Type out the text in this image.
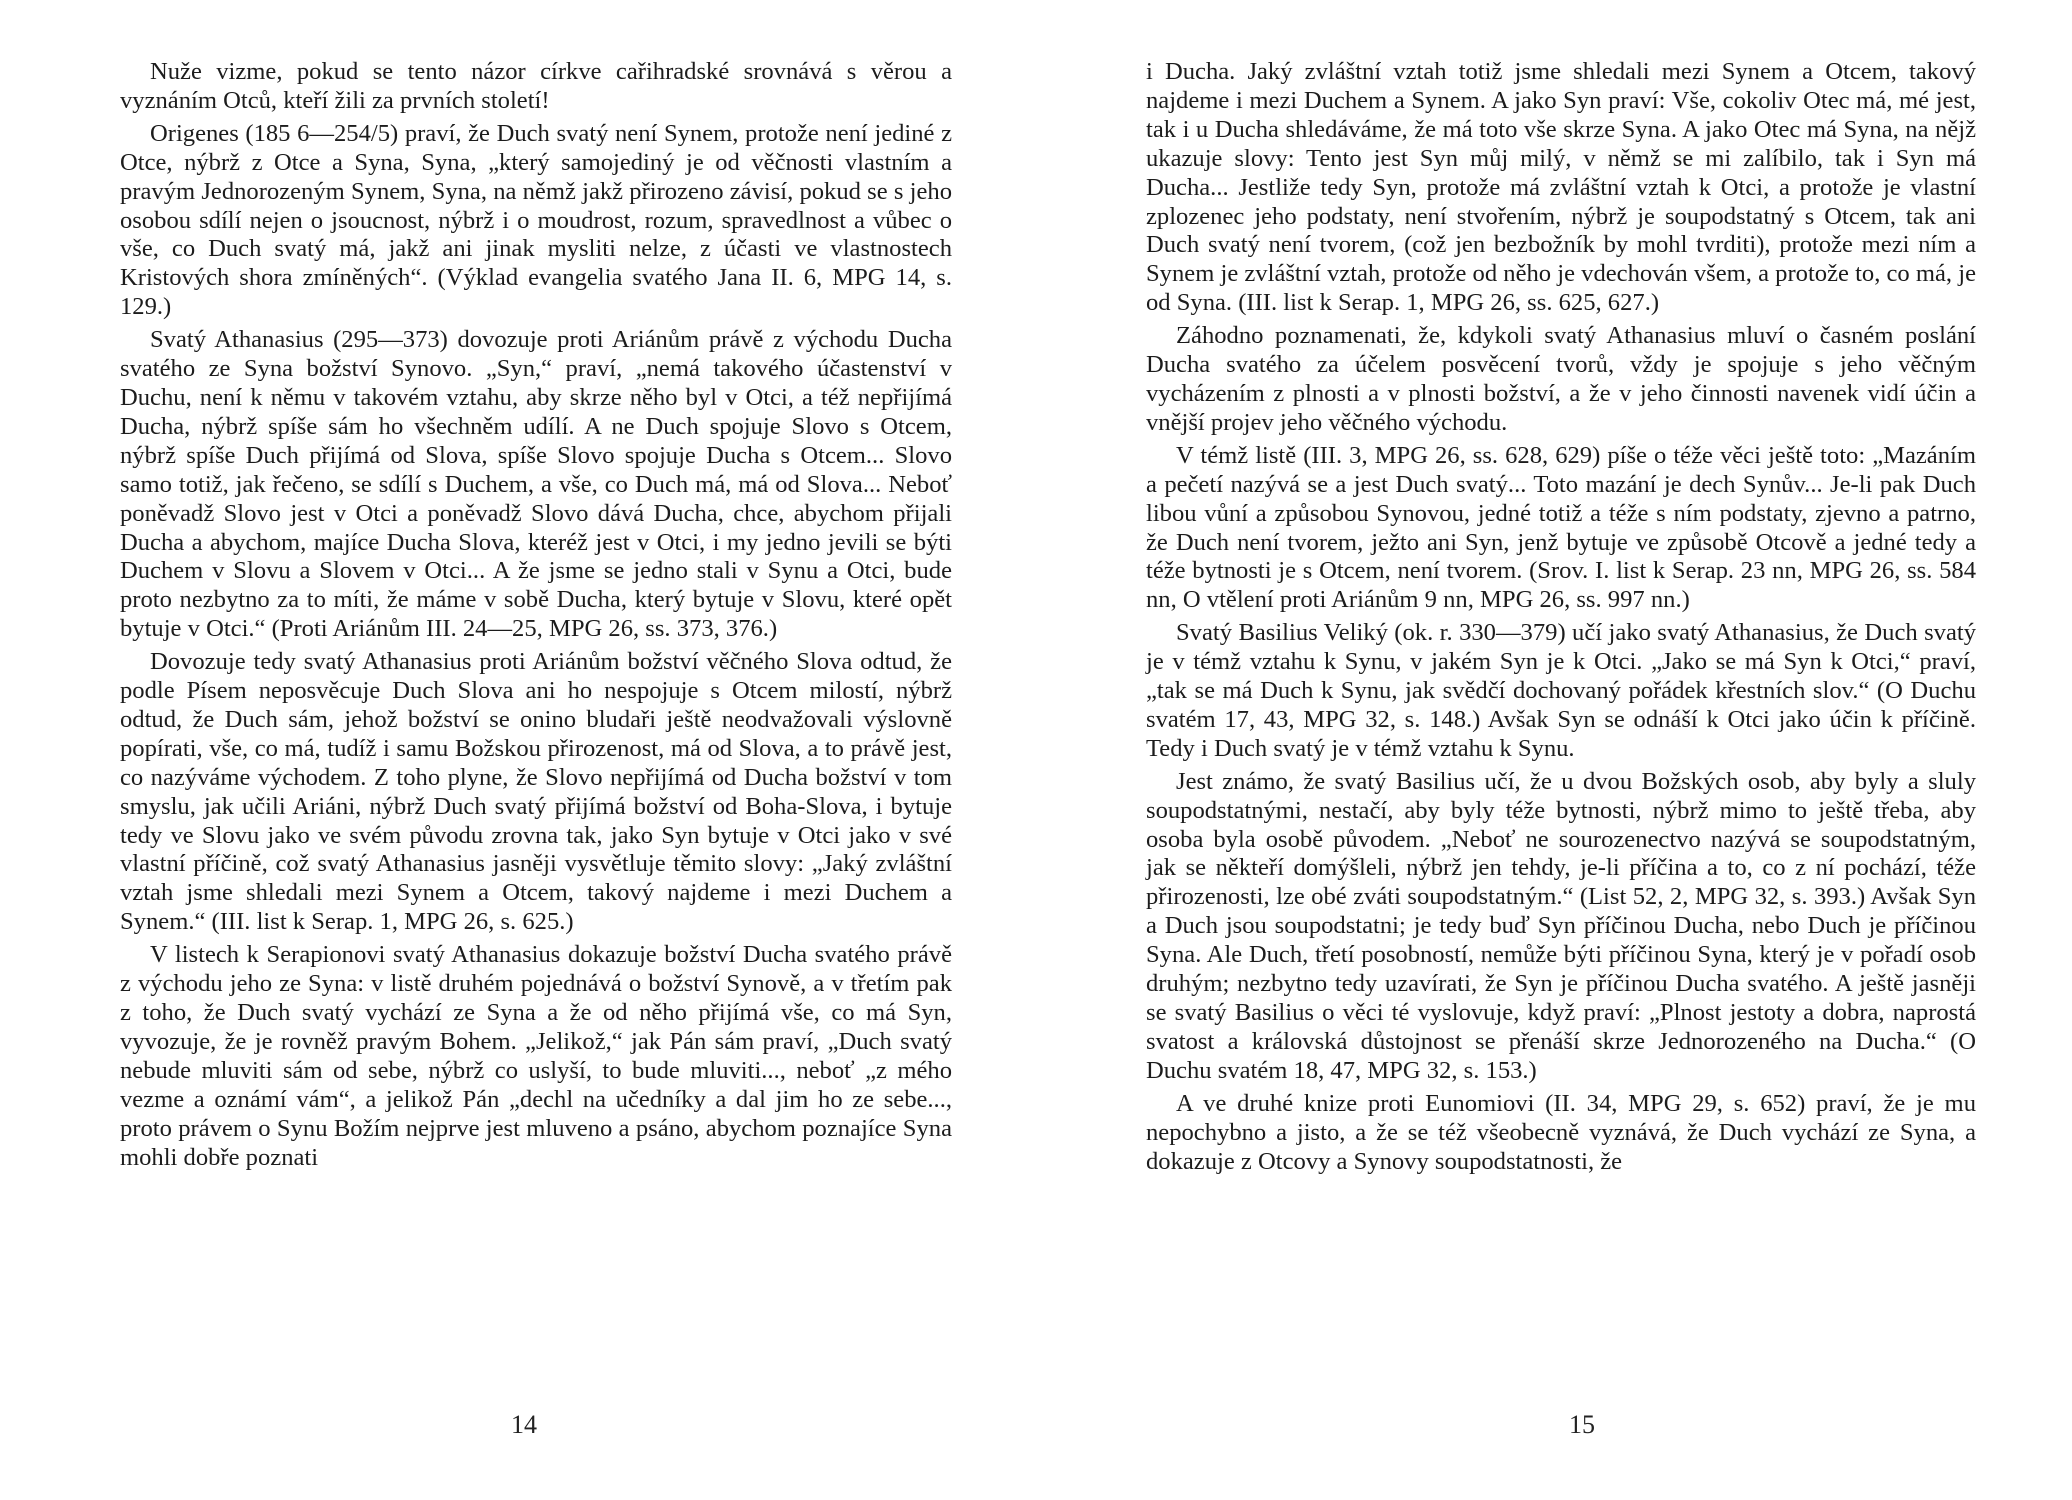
Nuže vizme, pokud se tento názor církve cařihradské srovnává s věrou a vyznáním Otců, kteří žili za prvních století!

Origenes (185 6—254/5) praví, že Duch svatý není Synem, protože není jediné z Otce, nýbrž z Otce a Syna, Syna, „který samojediný je od věčnosti vlastním a pravým Jednorozeným Synem, Syna, na němž jakž přirozeno závisí, pokud se s jeho osobou sdílí nejen o jsoucnost, nýbrž i o moudrost, rozum, spravedlnost a vůbec o vše, co Duch svatý má, jakž ani jinak mysliti nelze, z účasti ve vlastnostech Kristových shora zmíněných“. (Výklad evangelia svatého Jana II. 6, MPG 14, s. 129.)

Svatý Athanasius (295—373) dovozuje proti Ariánům právě z východu Ducha svatého ze Syna božství Synovo. „Syn,“ praví, „nemá takového účastenství v Duchu, není k němu v takovém vztahu, aby skrze něho byl v Otci, a též nepřijímá Ducha, nýbrž spíše sám ho všechněm udílí. A ne Duch spojuje Slovo s Otcem, nýbrž spíše Duch přijímá od Slova, spíše Slovo spojuje Ducha s Otcem... Slovo samo totiž, jak řečeno, se sdílí s Duchem, a vše, co Duch má, má od Slova... Neboť poněvadž Slovo jest v Otci a poněvadž Slovo dává Ducha, chce, abychom přijali Ducha a abychom, majíce Ducha Slova, kteréž jest v Otci, i my jedno jevili se býti Duchem v Slovu a Slovem v Otci... A že jsme se jedno stali v Synu a Otci, bude proto nezbytno za to míti, že máme v sobě Ducha, který bytuje v Slovu, které opět bytuje v Otci.“ (Proti Ariánům III. 24—25, MPG 26, ss. 373, 376.)

Dovozuje tedy svatý Athanasius proti Ariánům božství věčného Slova odtud, že podle Písem neposvěcuje Duch Slova ani ho nespojuje s Otcem milostí, nýbrž odtud, že Duch sám, jehož božství se onino bludaři ještě neodvažovali výslovně popírati, vše, co má, tudíž i samu Božskou přirozenost, má od Slova, a to právě jest, co nazýváme východem. Z toho plyne, že Slovo nepřijímá od Ducha božství v tom smyslu, jak učili Ariáni, nýbrž Duch svatý přijímá božství od Boha-Slova, i bytuje tedy ve Slovu jako ve svém původu zrovna tak, jako Syn bytuje v Otci jako v své vlastní příčině, což svatý Athanasius jasněji vysvětluje těmito slovy: „Jaký zvláštní vztah jsme shledali mezi Synem a Otcem, takový najdeme i mezi Duchem a Synem.“ (III. list k Serap. 1, MPG 26, s. 625.)

V listech k Serapionovi svatý Athanasius dokazuje božství Ducha svatého právě z východu jeho ze Syna: v listě druhém pojednává o božství Synově, a v třetím pak z toho, že Duch svatý vychází ze Syna a že od něho přijímá vše, co má Syn, vyvozuje, že je rovněž pravým Bohem. „Jelikož,“ jak Pán sám praví, „Duch svatý nebude mluviti sám od sebe, nýbrž co uslyší, to bude mluviti..., neboť „z mého vezme a oznámí vám“, a jelikož Pán „dechl na učedníky a dal jim ho ze sebe..., proto právem o Synu Božím nejprve jest mluveno a psáno, abychom poznajíce Syna mohli dobře poznati

14

i Ducha. Jaký zvláštní vztah totiž jsme shledali mezi Synem a Otcem, takový najdeme i mezi Duchem a Synem. A jako Syn praví: Vše, cokoliv Otec má, mé jest, tak i u Ducha shledáváme, že má toto vše skrze Syna. A jako Otec má Syna, na nějž ukazuje slovy: Tento jest Syn můj milý, v němž se mi zalíbilo, tak i Syn má Ducha... Jestliže tedy Syn, protože má zvláštní vztah k Otci, a protože je vlastní zplozenec jeho podstaty, není stvořením, nýbrž je soupodstatný s Otcem, tak ani Duch svatý není tvorem, (což jen bezbožník by mohl tvrditi), protože mezi ním a Synem je zvláštní vztah, protože od něho je vdechován všem, a protože to, co má, je od Syna. (III. list k Serap. 1, MPG 26, ss. 625, 627.)

Záhodno poznamenati, že, kdykoli svatý Athanasius mluví o časném poslání Ducha svatého za účelem posvěcení tvorů, vždy je spojuje s jeho věčným vycházením z plnosti a v plnosti božství, a že v jeho činnosti navenek vidí účin a vnější projev jeho věčného východu.

V témž listě (III. 3, MPG 26, ss. 628, 629) píše o téže věci ještě toto: „Mazáním a pečetí nazývá se a jest Duch svatý... Toto mazání je dech Synův... Je-li pak Duch libou vůní a způsobou Synovou, jedné totiž a téže s ním podstaty, zjevno a patrno, že Duch není tvorem, ježto ani Syn, jenž bytuje ve způsobě Otcově a jedné tedy a téže bytnosti je s Otcem, není tvorem. (Srov. I. list k Serap. 23 nn, MPG 26, ss. 584 nn, O vtělení proti Ariánům 9 nn, MPG 26, ss. 997 nn.)

Svatý Basilius Veliký (ok. r. 330—379) učí jako svatý Athanasius, že Duch svatý je v témž vztahu k Synu, v jakém Syn je k Otci. „Jako se má Syn k Otci,“ praví, „tak se má Duch k Synu, jak svědčí dochovaný pořádek křestních slov.“ (O Duchu svatém 17, 43, MPG 32, s. 148.) Avšak Syn se odnáší k Otci jako účin k příčině. Tedy i Duch svatý je v témž vztahu k Synu.

Jest známo, že svatý Basilius učí, že u dvou Božských osob, aby byly a sluly soupodstatnými, nestačí, aby byly téže bytnosti, nýbrž mimo to ještě třeba, aby osoba byla osobě původem. „Neboť ne sourozenectvo nazývá se soupodstatným, jak se někteří domýšleli, nýbrž jen tehdy, je-li příčina a to, co z ní pochází, téže přirozenosti, lze obé zváti soupodstatným.“ (List 52, 2, MPG 32, s. 393.) Avšak Syn a Duch jsou soupodstatni; je tedy buď Syn příčinou Ducha, nebo Duch je příčinou Syna. Ale Duch, třetí posobností, nemůže býti příčinou Syna, který je v pořadí osob druhým; nezbytno tedy uzavírati, že Syn je příčinou Ducha svatého. A ještě jasněji se svatý Basilius o věci té vyslovuje, když praví: „Plnost jestoty a dobra, naprostá svatost a královská důstojnost se přenáší skrze Jednorozeného na Ducha.“ (O Duchu svatém 18, 47, MPG 32, s. 153.)

A ve druhé knize proti Eunomiovi (II. 34, MPG 29, s. 652) praví, že je mu nepochybno a jisto, a že se též všeobecně vyznává, že Duch vychází ze Syna, a dokazuje z Otcovy a Synovy soupodstatnosti, že

15
